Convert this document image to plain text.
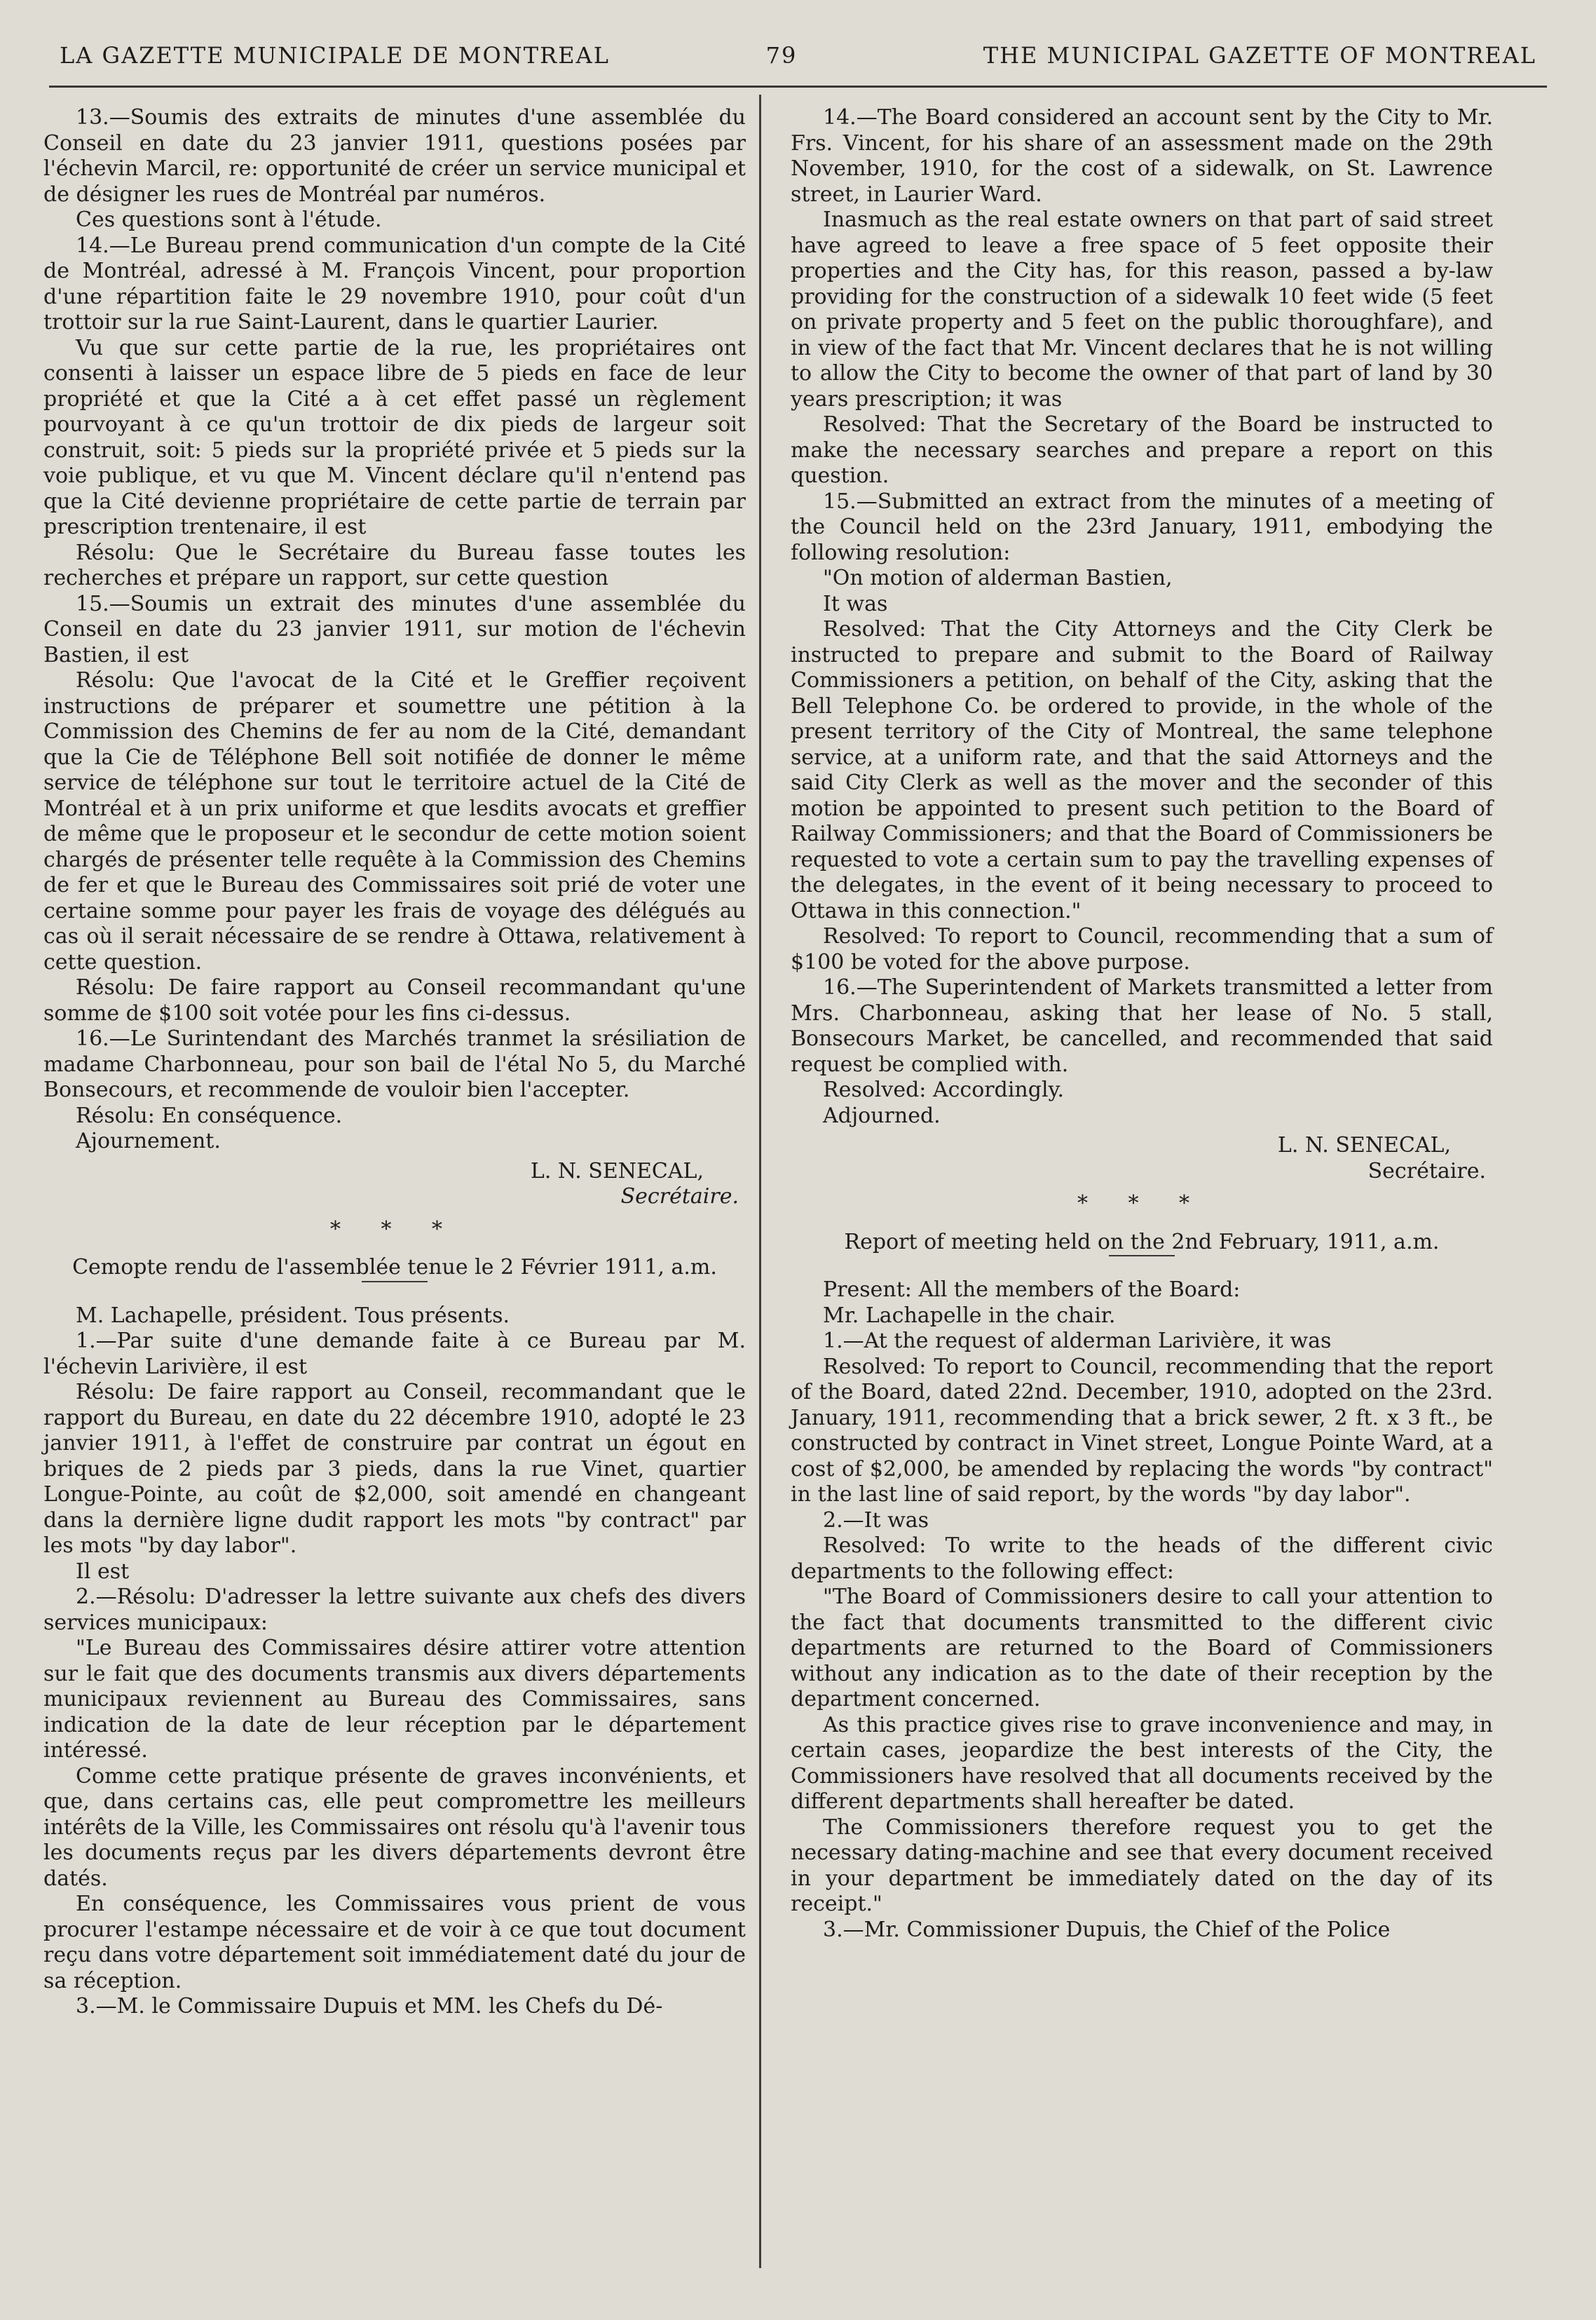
LA GAZETTE MUNICIPALE DE MONTREAL	79	THE MUNICIPAL GAZETTE OF MONTREAL

13.—Soumis des extraits de minutes d'une assemblée du Conseil en date du 23 janvier 1911, questions posées par l'échevin Marcil, re: opportunité de créer un service municipal et de désigner les rues de Montréal par numéros.

Ces questions sont à l'étude.

14.—Le Bureau prend communication d'un compte de la Cité de Montréal, adressé à M. François Vincent, pour proportion d'une répartition faite le 29 novembre 1910, pour coût d'un trottoir sur la rue Saint-Laurent, dans le quartier Laurier.

Vu que sur cette partie de la rue, les propriétaires ont consenti à laisser un espace libre de 5 pieds en face de leur propriété et que la Cité a à cet effet passé un règlement pourvoyant à ce qu'un trottoir de dix pieds de largeur soit construit, soit: 5 pieds sur la propriété privée et 5 pieds sur la voie publique, et vu que M. Vincent déclare qu'il n'entend pas que la Cité devienne propriétaire de cette partie de terrain par prescription trentenaire, il est

Résolu: Que le Secrétaire du Bureau fasse toutes les recherches et prépare un rapport, sur cette question

15.—Soumis un extrait des minutes d'une assemblée du Conseil en date du 23 janvier 1911, sur motion de l'échevin Bastien, il est

Résolu: Que l'avocat de la Cité et le Greffier reçoivent instructions de préparer et soumettre une pétition à la Commission des Chemins de fer au nom de la Cité, demandant que la Cie de Téléphone Bell soit notifiée de donner le même service de téléphone sur tout le territoire actuel de la Cité de Montréal et à un prix uniforme et que lesdits avocats et greffier de même que le proposeur et le secondur de cette motion soient chargés de présenter telle requête à la Commission des Chemins de fer et que le Bureau des Commissaires soit prié de voter une certaine somme pour payer les frais de voyage des délégués au cas où il serait nécessaire de se rendre à Ottawa, relativement à cette question.

Résolu: De faire rapport au Conseil recommandant qu'une somme de $100 soit votée pour les fins ci-dessus.

16.—Le Surintendant des Marchés tranmet la srésiliation de madame Charbonneau, pour son bail de l'étal No 5, du Marché Bonsecours, et recommende de vouloir bien l'accepter.

Résolu: En conséquence.

Ajournement.

L. N. SENECAL,
Secrétaire.
* * *

Cemopte rendu de l'assemblée tenue le 2 Février 1911, a.m.

M. Lachapelle, président. Tous présents.

1.—Par suite d'une demande faite à ce Bureau par M. l'échevin Larivière, il est

Résolu: De faire rapport au Conseil, recommandant que le rapport du Bureau, en date du 22 décembre 1910, adopté le 23 janvier 1911, à l'effet de construire par contrat un égout en briques de 2 pieds par 3 pieds, dans la rue Vinet, quartier Longue-Pointe, au coût de $2,000, soit amendé en changeant dans la dernière ligne dudit rapport les mots "by contract" par les mots "by day labor".

Il est

2.—Résolu: D'adresser la lettre suivante aux chefs des divers services municipaux:

"Le Bureau des Commissaires désire attirer votre attention sur le fait que des documents transmis aux divers départements municipaux reviennent au Bureau des Commissaires, sans indication de la date de leur réception par le département intéressé.

Comme cette pratique présente de graves inconvénients, et que, dans certains cas, elle peut compromettre les meilleurs intérêts de la Ville, les Commissaires ont résolu qu'à l'avenir tous les documents reçus par les divers départements devront être datés.

En conséquence, les Commissaires vous prient de vous procurer l'estampe nécessaire et de voir à ce que tout document reçu dans votre département soit immédiatement daté du jour de sa réception.

3.—M. le Commissaire Dupuis et MM. les Chefs du Dé-

14.—The Board considered an account sent by the City to Mr. Frs. Vincent, for his share of an assessment made on the 29th November, 1910, for the cost of a sidewalk, on St. Lawrence street, in Laurier Ward.

Inasmuch as the real estate owners on that part of said street have agreed to leave a free space of 5 feet opposite their properties and the City has, for this reason, passed a by-law providing for the construction of a sidewalk 10 feet wide (5 feet on private property and 5 feet on the public thoroughfare), and in view of the fact that Mr. Vincent declares that he is not willing to allow the City to become the owner of that part of land by 30 years prescription; it was

Resolved: That the Secretary of the Board be instructed to make the necessary searches and prepare a report on this question.

15.—Submitted an extract from the minutes of a meeting of the Council held on the 23rd January, 1911, embodying the following resolution:

"On motion of alderman Bastien,

It was

Resolved: That the City Attorneys and the City Clerk be instructed to prepare and submit to the Board of Railway Commissioners a petition, on behalf of the City, asking that the Bell Telephone Co. be ordered to provide, in the whole of the present territory of the City of Montreal, the same telephone service, at a uniform rate, and that the said Attorneys and the said City Clerk as well as the mover and the seconder of this motion be appointed to present such petition to the Board of Railway Commissioners; and that the Board of Commissioners be requested to vote a certain sum to pay the travelling expenses of the delegates, in the event of it being necessary to proceed to Ottawa in this connection."

Resolved: To report to Council, recommending that a sum of $100 be voted for the above purpose.

16.—The Superintendent of Markets transmitted a letter from Mrs. Charbonneau, asking that her lease of No. 5 stall, Bonsecours Market, be cancelled, and recommended that said request be complied with.

Resolved: Accordingly.

Adjourned.

L. N. SENECAL,
Secrétaire.
* * *

Report of meeting held on the 2nd February, 1911, a.m.

Present: All the members of the Board:

Mr. Lachapelle in the chair.

1.—At the request of alderman Larivière, it was

Resolved: To report to Council, recommending that the report of the Board, dated 22nd. December, 1910, adopted on the 23rd. January, 1911, recommending that a brick sewer, 2 ft. x 3 ft., be constructed by contract in Vinet street, Longue Pointe Ward, at a cost of $2,000, be amended by replacing the words "by contract" in the last line of said report, by the words "by day labor".

2.—It was

Resolved: To write to the heads of the different civic departments to the following effect:

"The Board of Commissioners desire to call your attention to the fact that documents transmitted to the different civic departments are returned to the Board of Commissioners without any indication as to the date of their reception by the department concerned.

As this practice gives rise to grave inconvenience and may, in certain cases, jeopardize the best interests of the City, the Commissioners have resolved that all documents received by the different departments shall hereafter be dated.

The Commissioners therefore request you to get the necessary dating-machine and see that every document received in your department be immediately dated on the day of its receipt."

3.—Mr. Commissioner Dupuis, the Chief of the Police
